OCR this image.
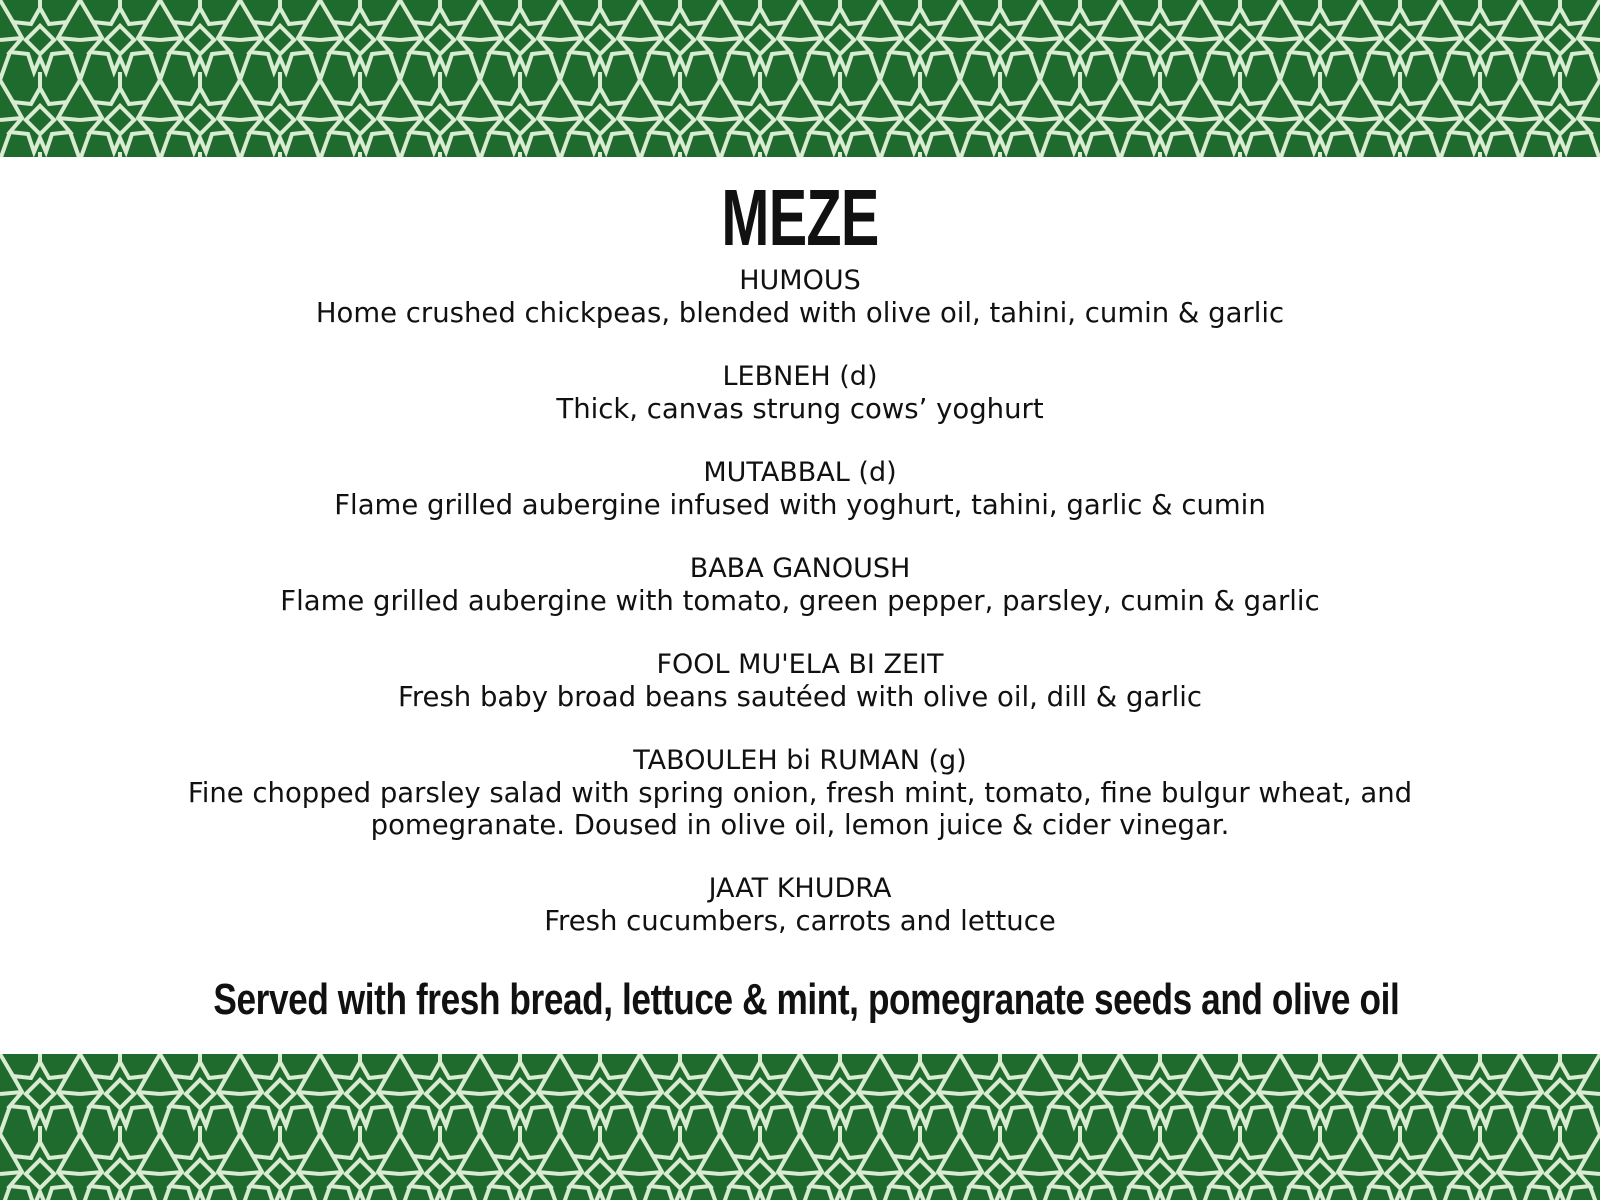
MEZE

HUMOUS

Home crushed chickpeas, blended with olive oil, tahini, cumin & garlic

LEBNEH (d)

Thick, canvas strung cows’ yoghurt

MUTABBAL (d)

Flame grilled aubergine infused with yoghurt, tahini, garlic & cumin

BABA GANOUSH

Flame grilled aubergine with tomato, green pepper, parsley, cumin & garlic

FOOL MU'ELA BI ZEIT

Fresh baby broad beans sautéed with olive oil, dill & garlic

TABOULEH bi RUMAN (g)

Fine chopped parsley salad with spring onion, fresh mint, tomato, fine bulgur wheat, and pomegranate. Doused in olive oil, lemon juice & cider vinegar.

JAAT KHUDRA

Fresh cucumbers, carrots and lettuce

Served with fresh bread, lettuce & mint, pomegranate seeds and olive oil
